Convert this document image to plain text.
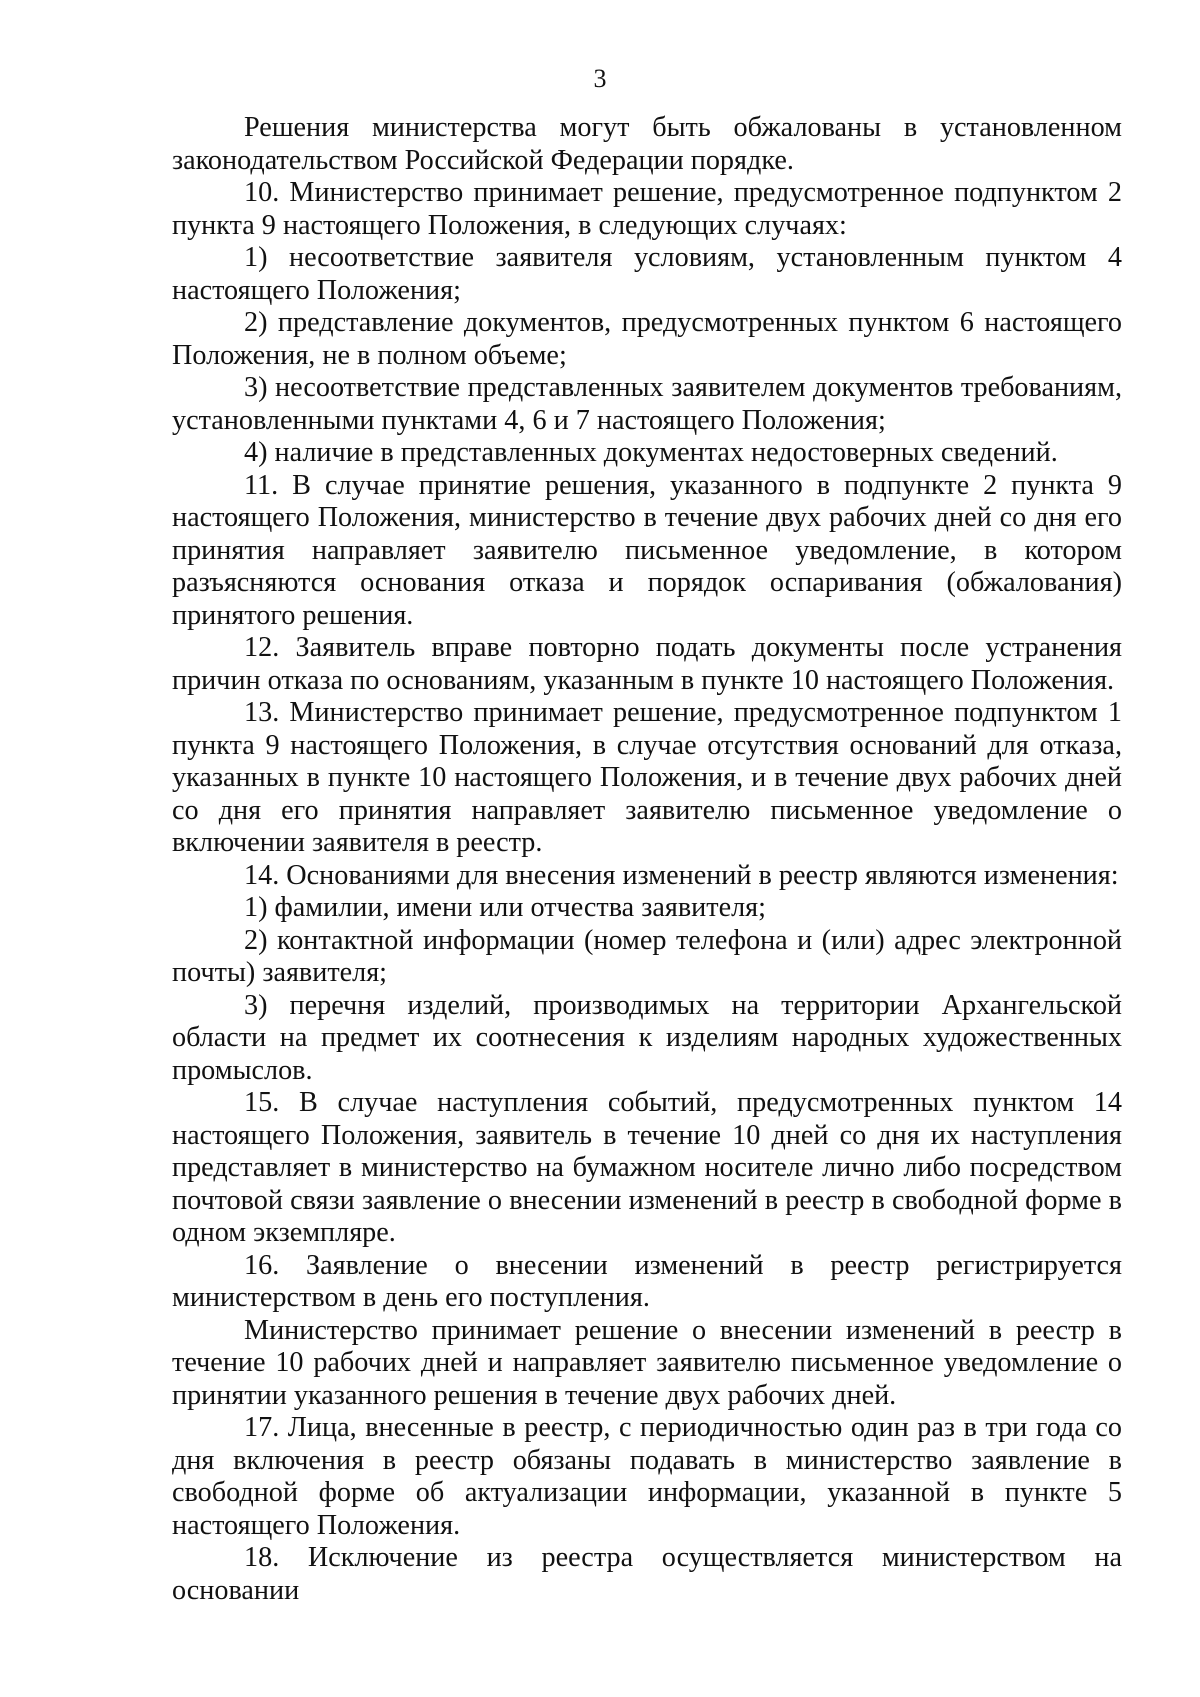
3

Решения министерства могут быть обжалованы в установленном законодательством Российской Федерации порядке.

10. Министерство принимает решение, предусмотренное подпунктом 2 пункта 9 настоящего Положения, в следующих случаях:

1) несоответствие заявителя условиям, установленным пунктом 4 настоящего Положения;

2) представление документов, предусмотренных пунктом 6 настоящего Положения, не в полном объеме;

3) несоответствие представленных заявителем документов требованиям, установленными пунктами 4, 6 и 7 настоящего Положения;

4) наличие в представленных документах недостоверных сведений.

11. В случае принятие решения, указанного в подпункте 2 пункта 9 настоящего Положения, министерство в течение двух рабочих дней со дня его принятия направляет заявителю письменное уведомление, в котором разъясняются основания отказа и порядок оспаривания (обжалования) принятого решения.

12. Заявитель вправе повторно подать документы после устранения причин отказа по основаниям, указанным в пункте 10 настоящего Положения.

13. Министерство принимает решение, предусмотренное подпунктом 1 пункта 9 настоящего Положения, в случае отсутствия оснований для отказа, указанных в пункте 10 настоящего Положения, и в течение двух рабочих дней со дня его принятия направляет заявителю письменное уведомление о включении заявителя в реестр.

14. Основаниями для внесения изменений в реестр являются изменения:

1) фамилии, имени или отчества заявителя;

2) контактной информации (номер телефона и (или) адрес электронной почты) заявителя;

3) перечня изделий, производимых на территории Архангельской области на предмет их соотнесения к изделиям народных художественных промыслов.

15. В случае наступления событий, предусмотренных пунктом 14 настоящего Положения, заявитель в течение 10 дней со дня их наступления представляет в министерство на бумажном носителе лично либо посредством почтовой связи заявление о внесении изменений в реестр в свободной форме в одном экземпляре.

16. Заявление о внесении изменений в реестр регистрируется министерством в день его поступления.

Министерство принимает решение о внесении изменений в реестр в течение 10 рабочих дней и направляет заявителю письменное уведомление о принятии указанного решения в течение двух рабочих дней.

17. Лица, внесенные в реестр, с периодичностью один раз в три года со дня включения в реестр обязаны подавать в министерство заявление в свободной форме об актуализации информации, указанной в пункте 5 настоящего Положения.

18. Исключение из реестра осуществляется министерством на основании
